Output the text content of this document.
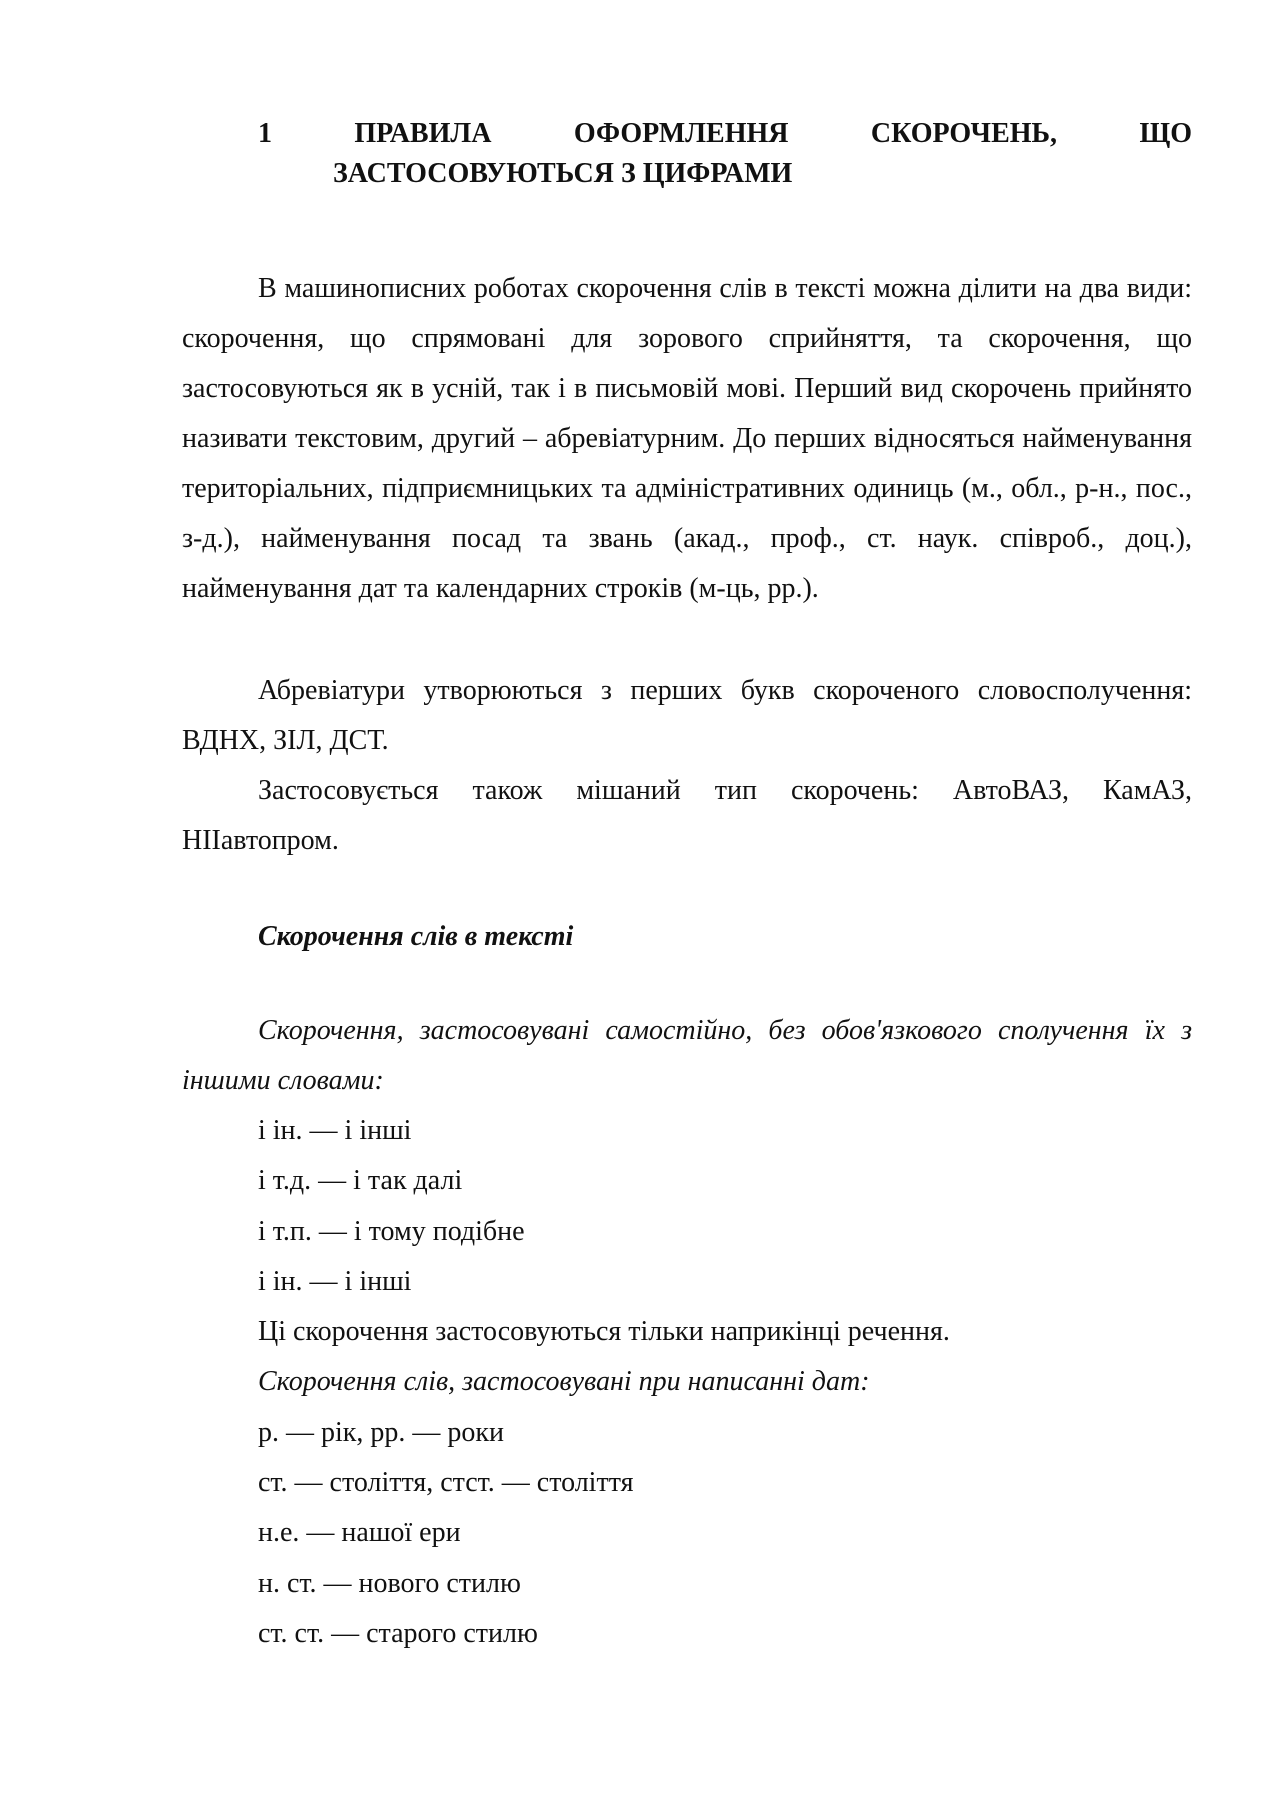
1	ПРАВИЛА	ОФОРМЛЕННЯ	СКОРОЧЕНЬ,	ЩО
ЗАСТОСОВУЮТЬСЯ З ЦИФРАМИ

В машинописних роботах скорочення слів в тексті можна ділити на два види: скорочення, що спрямовані для зорового сприйняття, та скорочення, що застосовуються як в усній, так і в письмовій мові. Перший вид скорочень прийнято називати текстовим, другий – абревіатурним. До перших відносяться найменування територіальних, підприємницьких та адміністративних одиниць (м., обл., р-н., пос., з-д.), найменування посад та звань (акад., проф., ст. наук. співроб., доц.), найменування дат та календарних строків (м-ць, рр.).

Абревіатури утворюються з перших букв скороченого словосполучення: ВДНХ, ЗІЛ, ДСТ.

Застосовується також мішаний тип скорочень: АвтоВАЗ, КамАЗ, НІІавтопром.

Скорочення слів в тексті

Скорочення, застосовувані самостійно, без обов'язкового сполучення їх з іншими словами:

і ін. — і інші
і т.д. — і так далі
і т.п. — і тому подібне
і ін. — і інші
Ці скорочення застосовуються тільки наприкінці речення.
Скорочення слів, застосовувані при написанні дат:
р. — рік, рр. — роки
ст. — століття, стст. — століття
н.е. — нашої ери
н. ст. — нового стилю
ст. ст. — старого стилю
